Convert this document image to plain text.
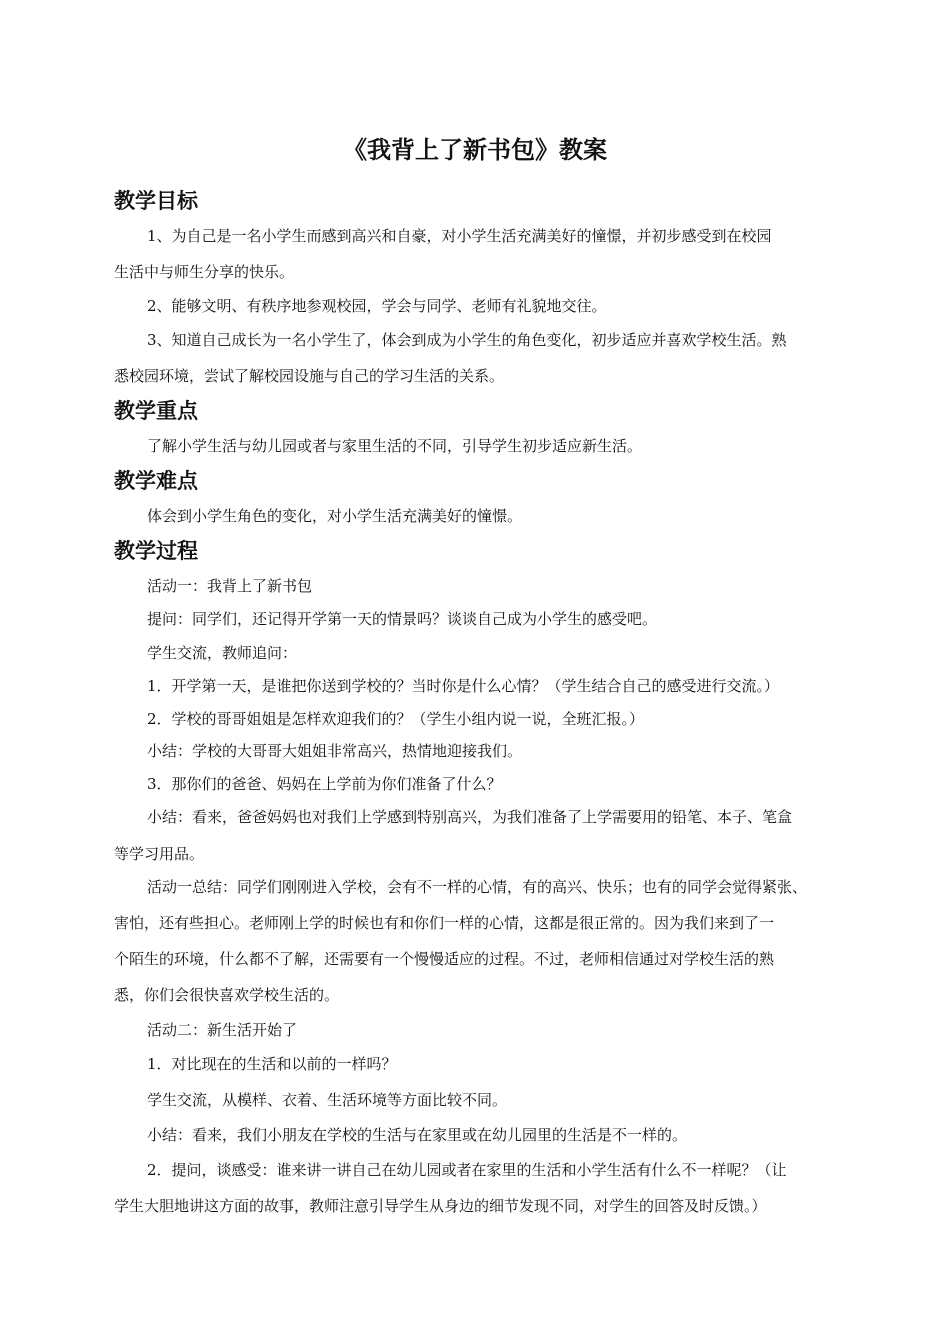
《我背上了新书包》教案
教学目标
1、为自己是一名小学生而感到高兴和自豪，对小学生活充满美好的憧憬，并初步感受到在校园
生活中与师生分享的快乐。
2、能够文明、有秩序地参观校园，学会与同学、老师有礼貌地交往。
3、知道自己成长为一名小学生了，体会到成为小学生的角色变化，初步适应并喜欢学校生活。熟
悉校园环境，尝试了解校园设施与自己的学习生活的关系。
教学重点
了解小学生活与幼儿园或者与家里生活的不同，引导学生初步适应新生活。
教学难点
体会到小学生角色的变化，对小学生活充满美好的憧憬。
教学过程
活动一：我背上了新书包
提问：同学们，还记得开学第一天的情景吗？谈谈自己成为小学生的感受吧。
学生交流，教师追问：
1．开学第一天，是谁把你送到学校的？当时你是什么心情？（学生结合自己的感受进行交流。）
2．学校的哥哥姐姐是怎样欢迎我们的？（学生小组内说一说，全班汇报。）
小结：学校的大哥哥大姐姐非常高兴，热情地迎接我们。
3．那你们的爸爸、妈妈在上学前为你们准备了什么？
小结：看来，爸爸妈妈也对我们上学感到特别高兴，为我们准备了上学需要用的铅笔、本子、笔盒
等学习用品。
活动一总结：同学们刚刚进入学校，会有不一样的心情，有的高兴、快乐；也有的同学会觉得紧张、
害怕，还有些担心。老师刚上学的时候也有和你们一样的心情，这都是很正常的。因为我们来到了一
个陌生的环境，什么都不了解，还需要有一个慢慢适应的过程。不过，老师相信通过对学校生活的熟
悉，你们会很快喜欢学校生活的。
活动二：新生活开始了
1．对比现在的生活和以前的一样吗？
学生交流，从模样、衣着、生活环境等方面比较不同。
小结：看来，我们小朋友在学校的生活与在家里或在幼儿园里的生活是不一样的。
2．提问，谈感受：谁来讲一讲自己在幼儿园或者在家里的生活和小学生活有什么不一样呢？（让
学生大胆地讲这方面的故事，教师注意引导学生从身边的细节发现不同，对学生的回答及时反馈。）
